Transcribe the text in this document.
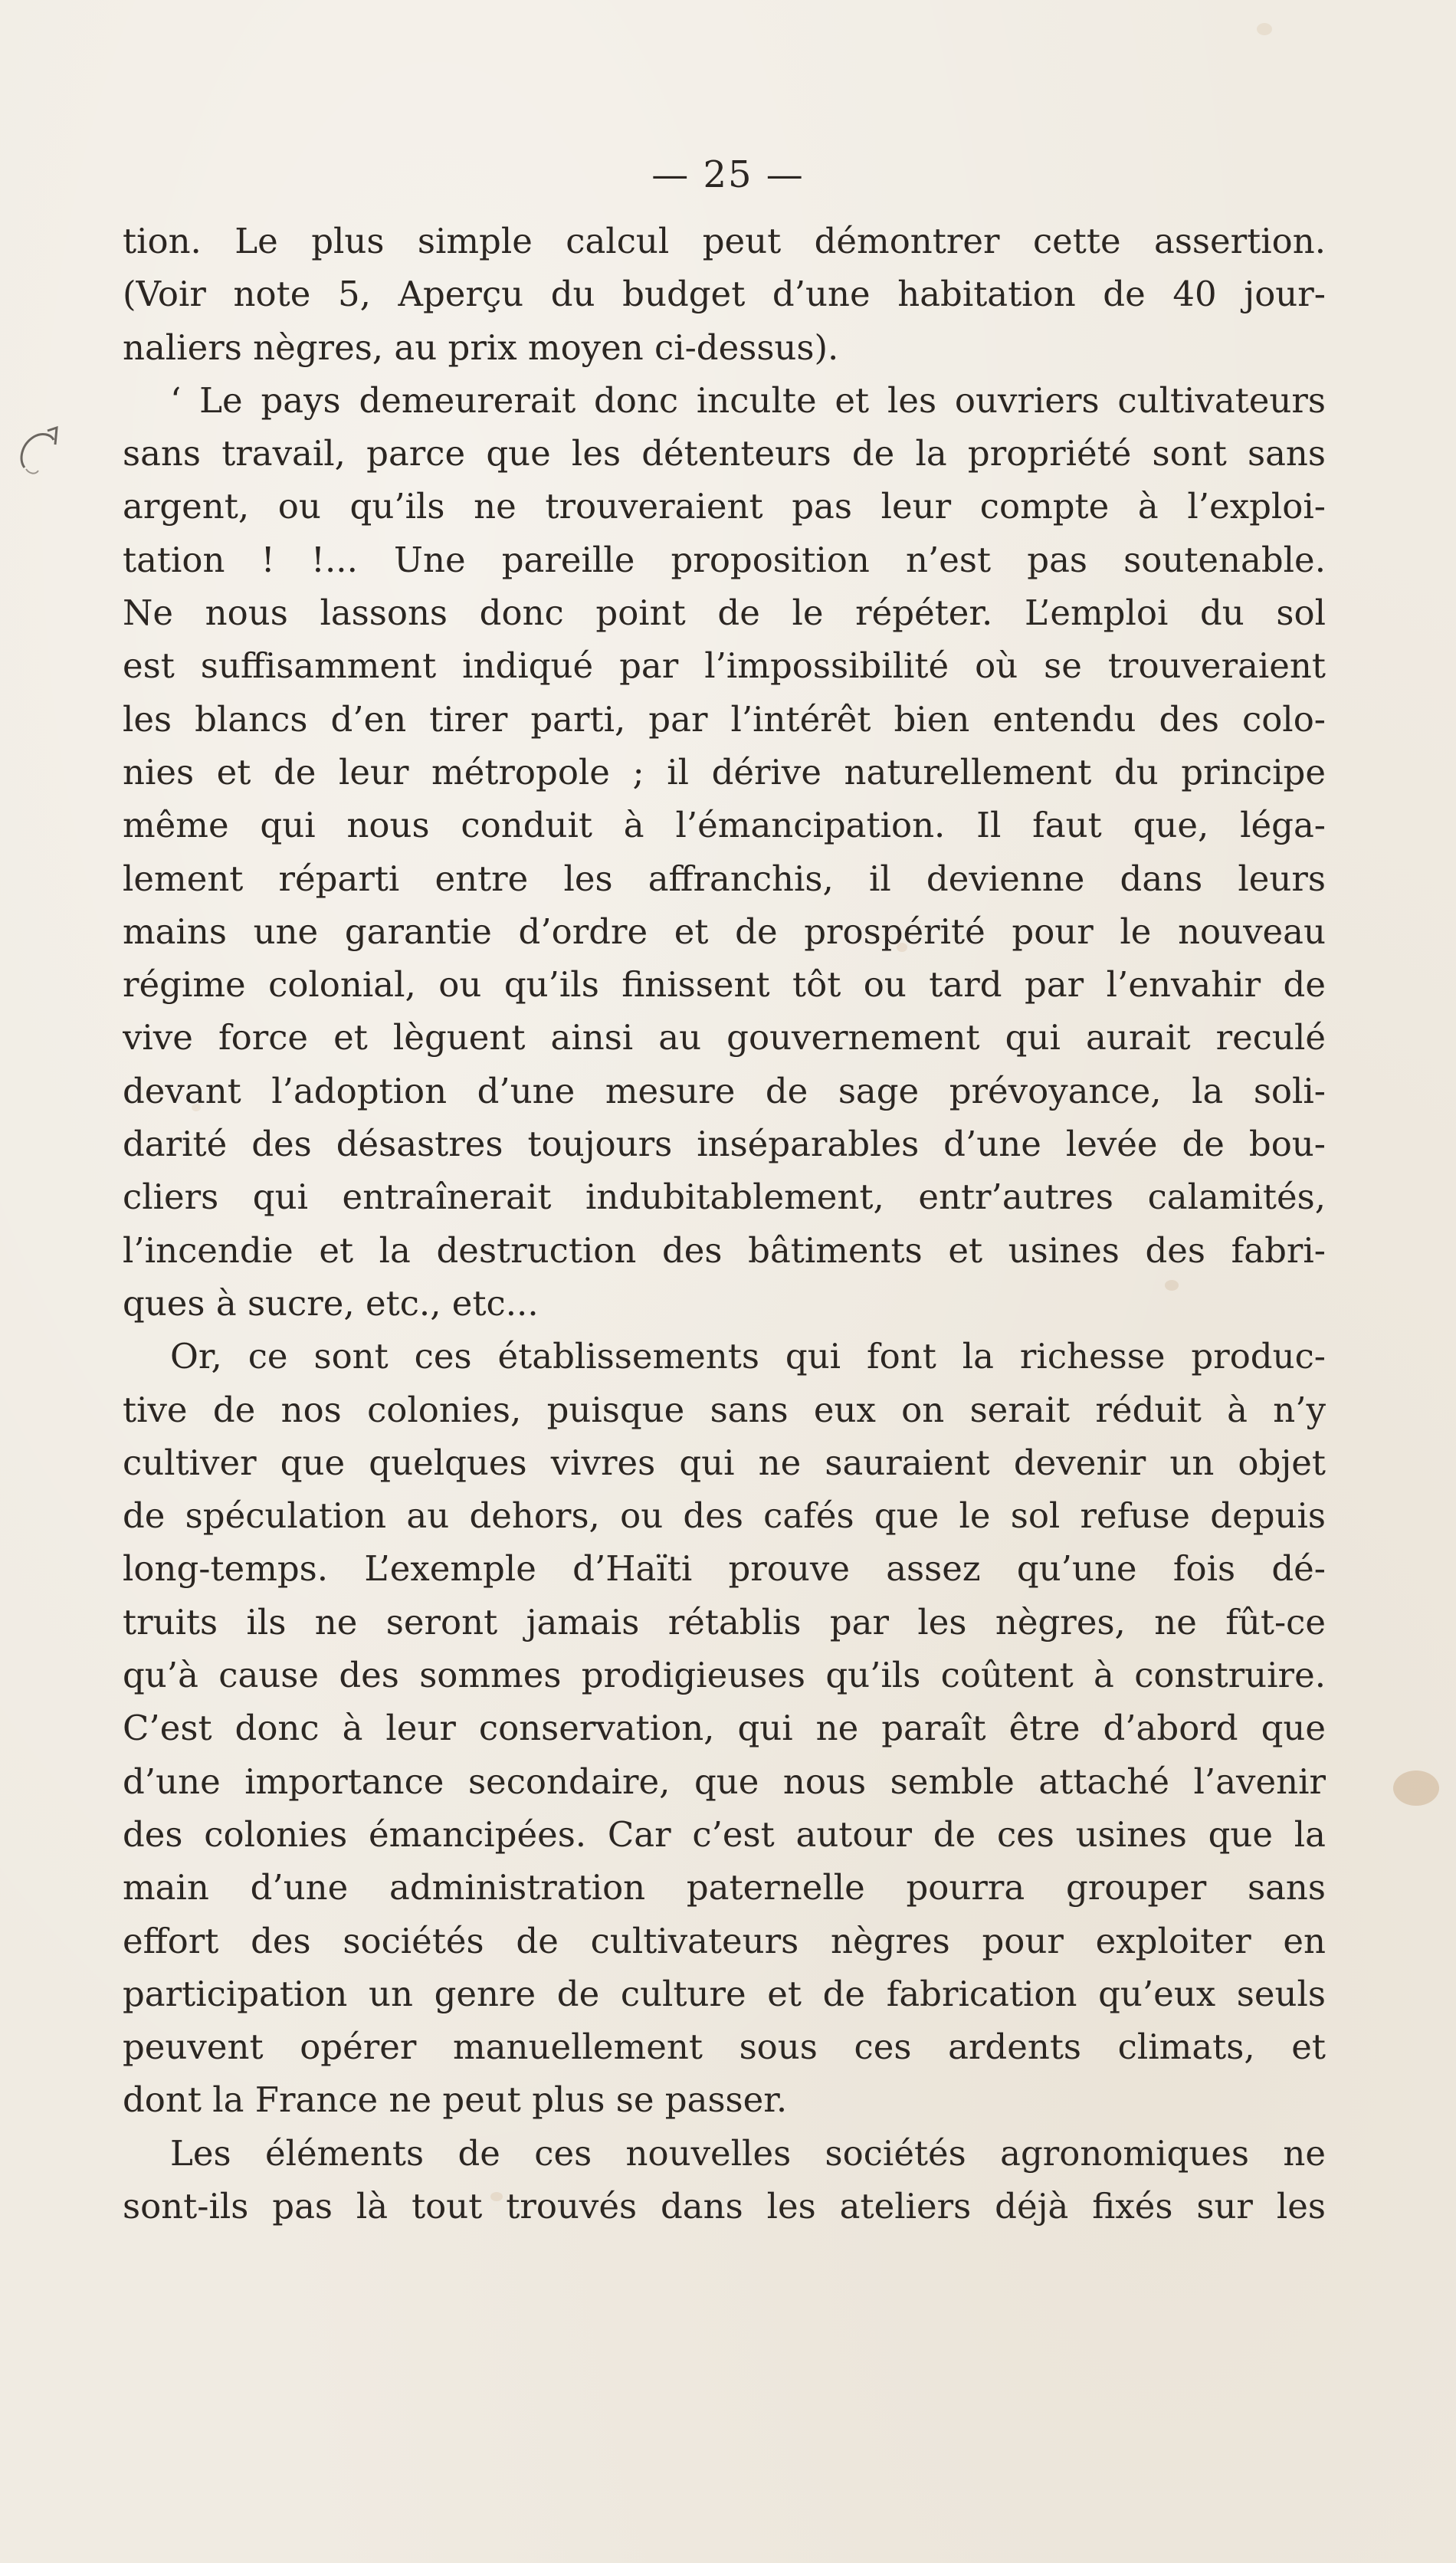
— 25 —
tion. Le plus simple calcul peut démontrer cette assertion.
(Voir note 5, Aperçu du budget d’une habitation de 40 jour-
naliers nègres, au prix moyen ci-dessus).
‘ Le pays demeurerait donc inculte et les ouvriers cultivateurs
sans travail, parce que les détenteurs de la propriété sont sans
argent, ou qu’ils ne trouveraient pas leur compte à l’exploi-
tation ! !... Une pareille proposition n’est pas soutenable.
Ne nous lassons donc point de le répéter. L’emploi du sol
est suffisamment indiqué par l’impossibilité où se trouveraient
les blancs d’en tirer parti, par l’intérêt bien entendu des colo-
nies et de leur métropole ; il dérive naturellement du principe
même qui nous conduit à l’émancipation. Il faut que, léga-
lement réparti entre les affranchis, il devienne dans leurs
mains une garantie d’ordre et de prospérité pour le nouveau
régime colonial, ou qu’ils finissent tôt ou tard par l’envahir de
vive force et lèguent ainsi au gouvernement qui aurait reculé
devant l’adoption d’une mesure de sage prévoyance, la soli-
darité des désastres toujours inséparables d’une levée de bou-
cliers qui entraînerait indubitablement, entr’autres calamités,
l’incendie et la destruction des bâtiments et usines des fabri-
ques à sucre, etc., etc...
Or, ce sont ces établissements qui font la richesse produc-
tive de nos colonies, puisque sans eux on serait réduit à n’y
cultiver que quelques vivres qui ne sauraient devenir un objet
de spéculation au dehors, ou des cafés que le sol refuse depuis
long-temps. L’exemple d’Haïti prouve assez qu’une fois dé-
truits ils ne seront jamais rétablis par les nègres, ne fût-ce
qu’à cause des sommes prodigieuses qu’ils coûtent à construire.
C’est donc à leur conservation, qui ne paraît être d’abord que
d’une importance secondaire, que nous semble attaché l’avenir
des colonies émancipées. Car c’est autour de ces usines que la
main d’une administration paternelle pourra grouper sans
effort des sociétés de cultivateurs nègres pour exploiter en
participation un genre de culture et de fabrication qu’eux seuls
peuvent opérer manuellement sous ces ardents climats, et
dont la France ne peut plus se passer.
Les éléments de ces nouvelles sociétés agronomiques ne
sont-ils pas là tout trouvés dans les ateliers déjà fixés sur les
